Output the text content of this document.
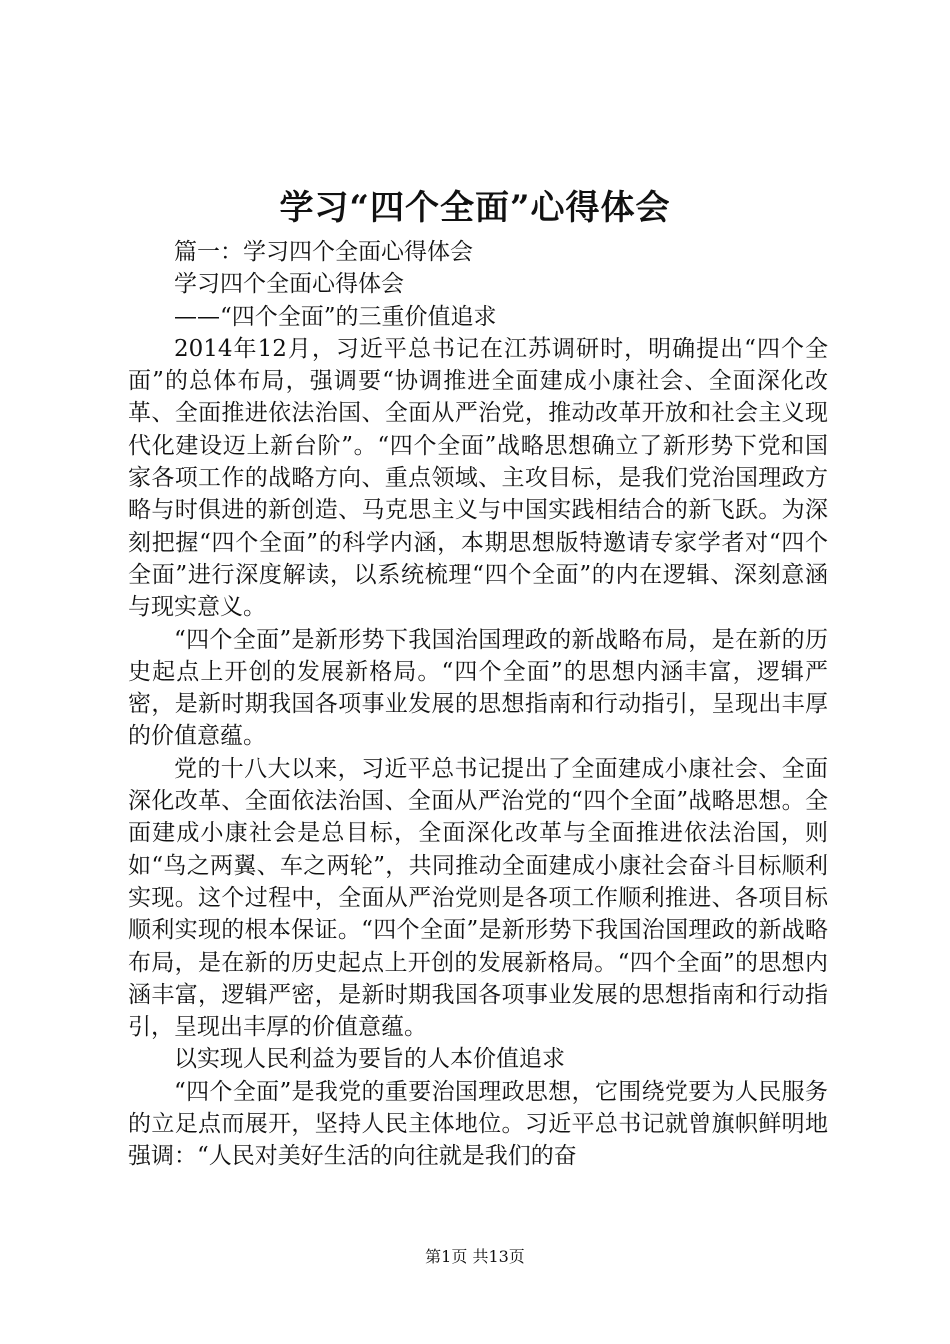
学习“四个全面”心得体会

篇一：学习四个全面心得体会

学习四个全面心得体会

——“四个全面”的三重价值追求

2014年12月，习近平总书记在江苏调研时，明确提出“四个全面”的总体布局，强调要“协调推进全面建成小康社会、全面深化改革、全面推进依法治国、全面从严治党，推动改革开放和社会主义现代化建设迈上新台阶”。“四个全面”战略思想确立了新形势下党和国家各项工作的战略方向、重点领域、主攻目标，是我们党治国理政方略与时俱进的新创造、马克思主义与中国实践相结合的新飞跃。为深刻把握“四个全面”的科学内涵，本期思想版特邀请专家学者对“四个全面”进行深度解读，以系统梳理“四个全面”的内在逻辑、深刻意涵与现实意义。

“四个全面”是新形势下我国治国理政的新战略布局，是在新的历史起点上开创的发展新格局。“四个全面”的思想内涵丰富，逻辑严密，是新时期我国各项事业发展的思想指南和行动指引，呈现出丰厚的价值意蕴。

党的十八大以来，习近平总书记提出了全面建成小康社会、全面深化改革、全面依法治国、全面从严治党的“四个全面”战略思想。全面建成小康社会是总目标，全面深化改革与全面推进依法治国，则如“鸟之两翼、车之两轮”，共同推动全面建成小康社会奋斗目标顺利实现。这个过程中，全面从严治党则是各项工作顺利推进、各项目标顺利实现的根本保证。“四个全面”是新形势下我国治国理政的新战略布局，是在新的历史起点上开创的发展新格局。“四个全面”的思想内涵丰富，逻辑严密，是新时期我国各项事业发展的思想指南和行动指引，呈现出丰厚的价值意蕴。

以实现人民利益为要旨的人本价值追求

“四个全面”是我党的重要治国理政思想，它围绕党要为人民服务的立足点而展开，坚持人民主体地位。习近平总书记就曾旗帜鲜明地强调：“人民对美好生活的向往就是我们的奋

第1页 共13页
